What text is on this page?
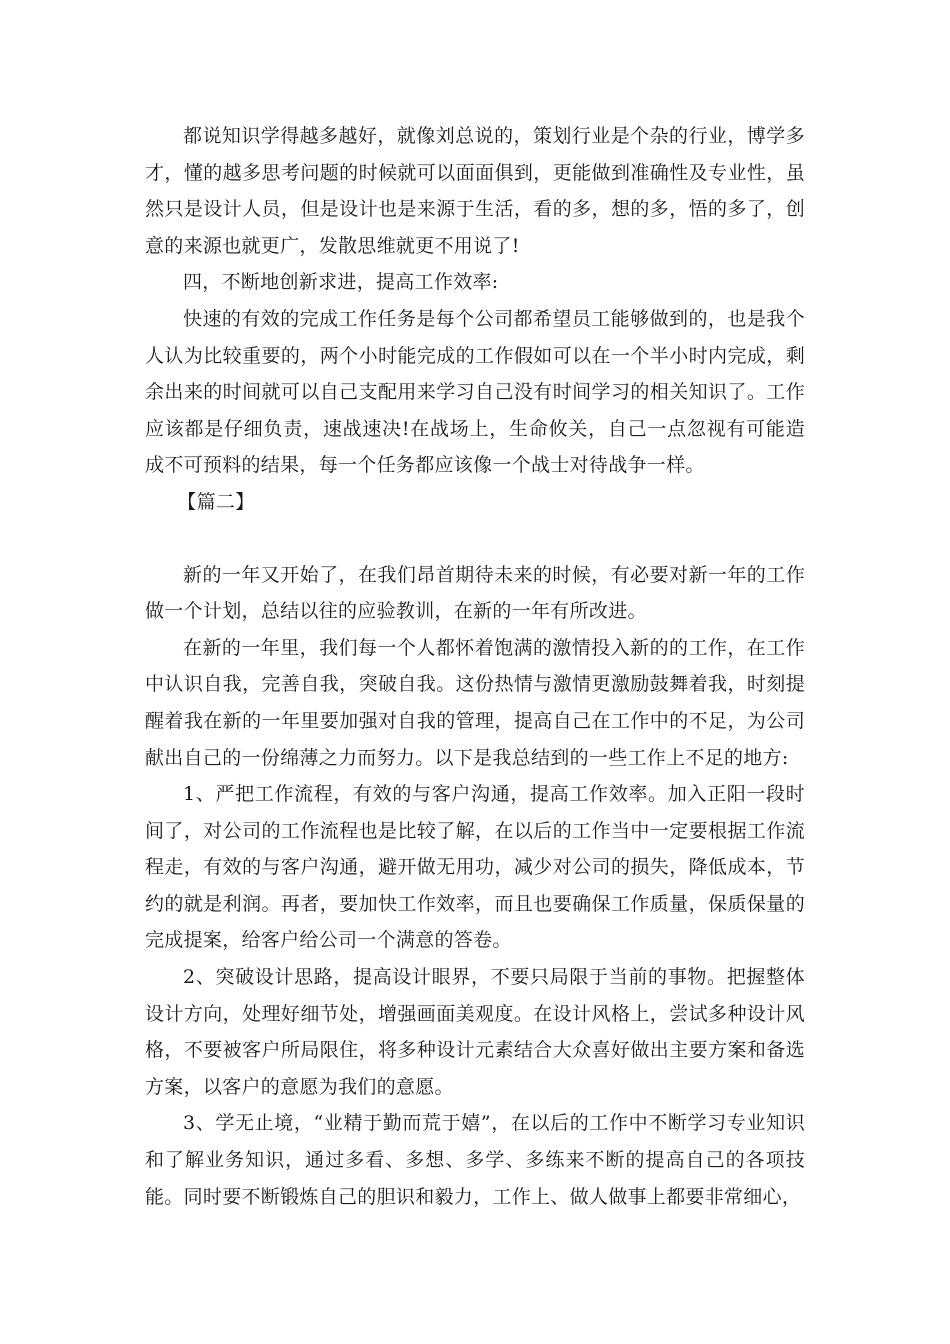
都说知识学得越多越好，就像刘总说的，策划行业是个杂的行业，博学多才，懂的越多思考问题的时候就可以面面俱到，更能做到准确性及专业性，虽然只是设计人员，但是设计也是来源于生活，看的多，想的多，悟的多了，创意的来源也就更广，发散思维就更不用说了!

四，不断地创新求进，提高工作效率:

快速的有效的完成工作任务是每个公司都希望员工能够做到的，也是我个人认为比较重要的，两个小时能完成的工作假如可以在一个半小时内完成，剩余出来的时间就可以自己支配用来学习自己没有时间学习的相关知识了。工作应该都是仔细负责，速战速决!在战场上，生命攸关，自己一点忽视有可能造成不可预料的结果，每一个任务都应该像一个战士对待战争一样。

【篇二】

新的一年又开始了，在我们昂首期待未来的时候，有必要对新一年的工作做一个计划，总结以往的应验教训，在新的一年有所改进。

在新的一年里，我们每一个人都怀着饱满的激情投入新的的工作，在工作中认识自我，完善自我，突破自我。这份热情与激情更激励鼓舞着我，时刻提醒着我在新的一年里要加强对自我的管理，提高自己在工作中的不足，为公司献出自己的一份绵薄之力而努力。以下是我总结到的一些工作上不足的地方:

1、严把工作流程，有效的与客户沟通，提高工作效率。加入正阳一段时间了，对公司的工作流程也是比较了解，在以后的工作当中一定要根据工作流程走，有效的与客户沟通，避开做无用功，减少对公司的损失，降低成本，节约的就是利润。再者，要加快工作效率，而且也要确保工作质量，保质保量的完成提案，给客户给公司一个满意的答卷。

2、突破设计思路，提高设计眼界，不要只局限于当前的事物。把握整体设计方向，处理好细节处，增强画面美观度。在设计风格上，尝试多种设计风格，不要被客户所局限住，将多种设计元素结合大众喜好做出主要方案和备选方案，以客户的意愿为我们的意愿。

3、学无止境，“业精于勤而荒于嬉”，在以后的工作中不断学习专业知识和了解业务知识，通过多看、多想、多学、多练来不断的提高自己的各项技能。同时要不断锻炼自己的胆识和毅力，工作上、做人做事上都要非常细心，
